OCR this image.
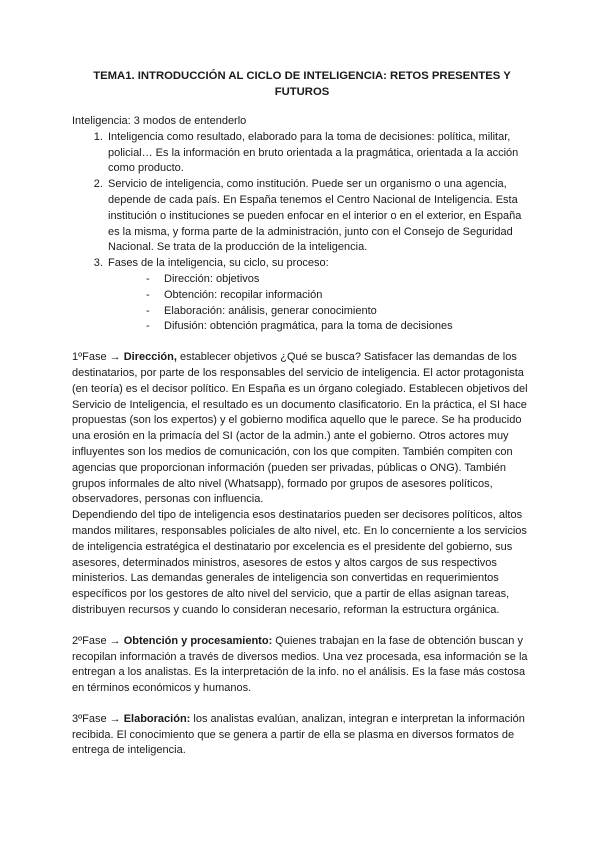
TEMA1. INTRODUCCIÓN AL CICLO DE INTELIGENCIA: RETOS PRESENTES Y FUTUROS

Inteligencia: 3 modos de entenderlo

1. Inteligencia como resultado, elaborado para la toma de decisiones: política, militar, policial… Es la información en bruto orientada a la pragmática, orientada a la acción como producto.
2. Servicio de inteligencia, como institución. Puede ser un organismo o una agencia, depende de cada país. En España tenemos el Centro Nacional de Inteligencia. Esta institución o instituciones se pueden enfocar en el interior o en el exterior, en España es la misma, y forma parte de la administración, junto con el Consejo de Seguridad Nacional. Se trata de la producción de la inteligencia.
3. Fases de la inteligencia, su ciclo, su proceso:
- Dirección: objetivos
- Obtención: recopilar información
- Elaboración: análisis, generar conocimiento
- Difusión: obtención pragmática, para la toma de decisiones

1ºFase → Dirección, establecer objetivos ¿Qué se busca? Satisfacer las demandas de los destinatarios, por parte de los responsables del servicio de inteligencia. El actor protagonista (en teoría) es el decisor político. En España es un órgano colegiado. Establecen objetivos del Servicio de Inteligencia, el resultado es un documento clasificatorio. En la práctica, el SI hace propuestas (son los expertos) y el gobierno modifica aquello que le parece. Se ha producido una erosión en la primacía del SI (actor de la admin.) ante el gobierno. Otros actores muy influyentes son los medios de comunicación, con los que compiten. También compiten con agencias que proporcionan información (pueden ser privadas, públicas o ONG). También grupos informales de alto nivel (Whatsapp), formado por grupos de asesores políticos, observadores, personas con influencia.

Dependiendo del tipo de inteligencia esos destinatarios pueden ser decisores políticos, altos mandos militares, responsables policiales de alto nivel, etc. En lo concerniente a los servicios de inteligencia estratégica el destinatario por excelencia es el presidente del gobierno, sus asesores, determinados ministros, asesores de estos y altos cargos de sus respectivos ministerios. Las demandas generales de inteligencia son convertidas en requerimientos específicos por los gestores de alto nivel del servicio, que a partir de ellas asignan tareas, distribuyen recursos y cuando lo consideran necesario, reforman la estructura orgánica.

2ºFase → Obtención y procesamiento: Quienes trabajan en la fase de obtención buscan y recopilan información a través de diversos medios. Una vez procesada, esa información se la entregan a los analistas. Es la interpretación de la info. no el análisis. Es la fase más costosa en términos económicos y humanos.

3ºFase → Elaboración: los analistas evalúan, analizan, integran e interpretan la información recibida. El conocimiento que se genera a partir de ella se plasma en diversos formatos de entrega de inteligencia.
